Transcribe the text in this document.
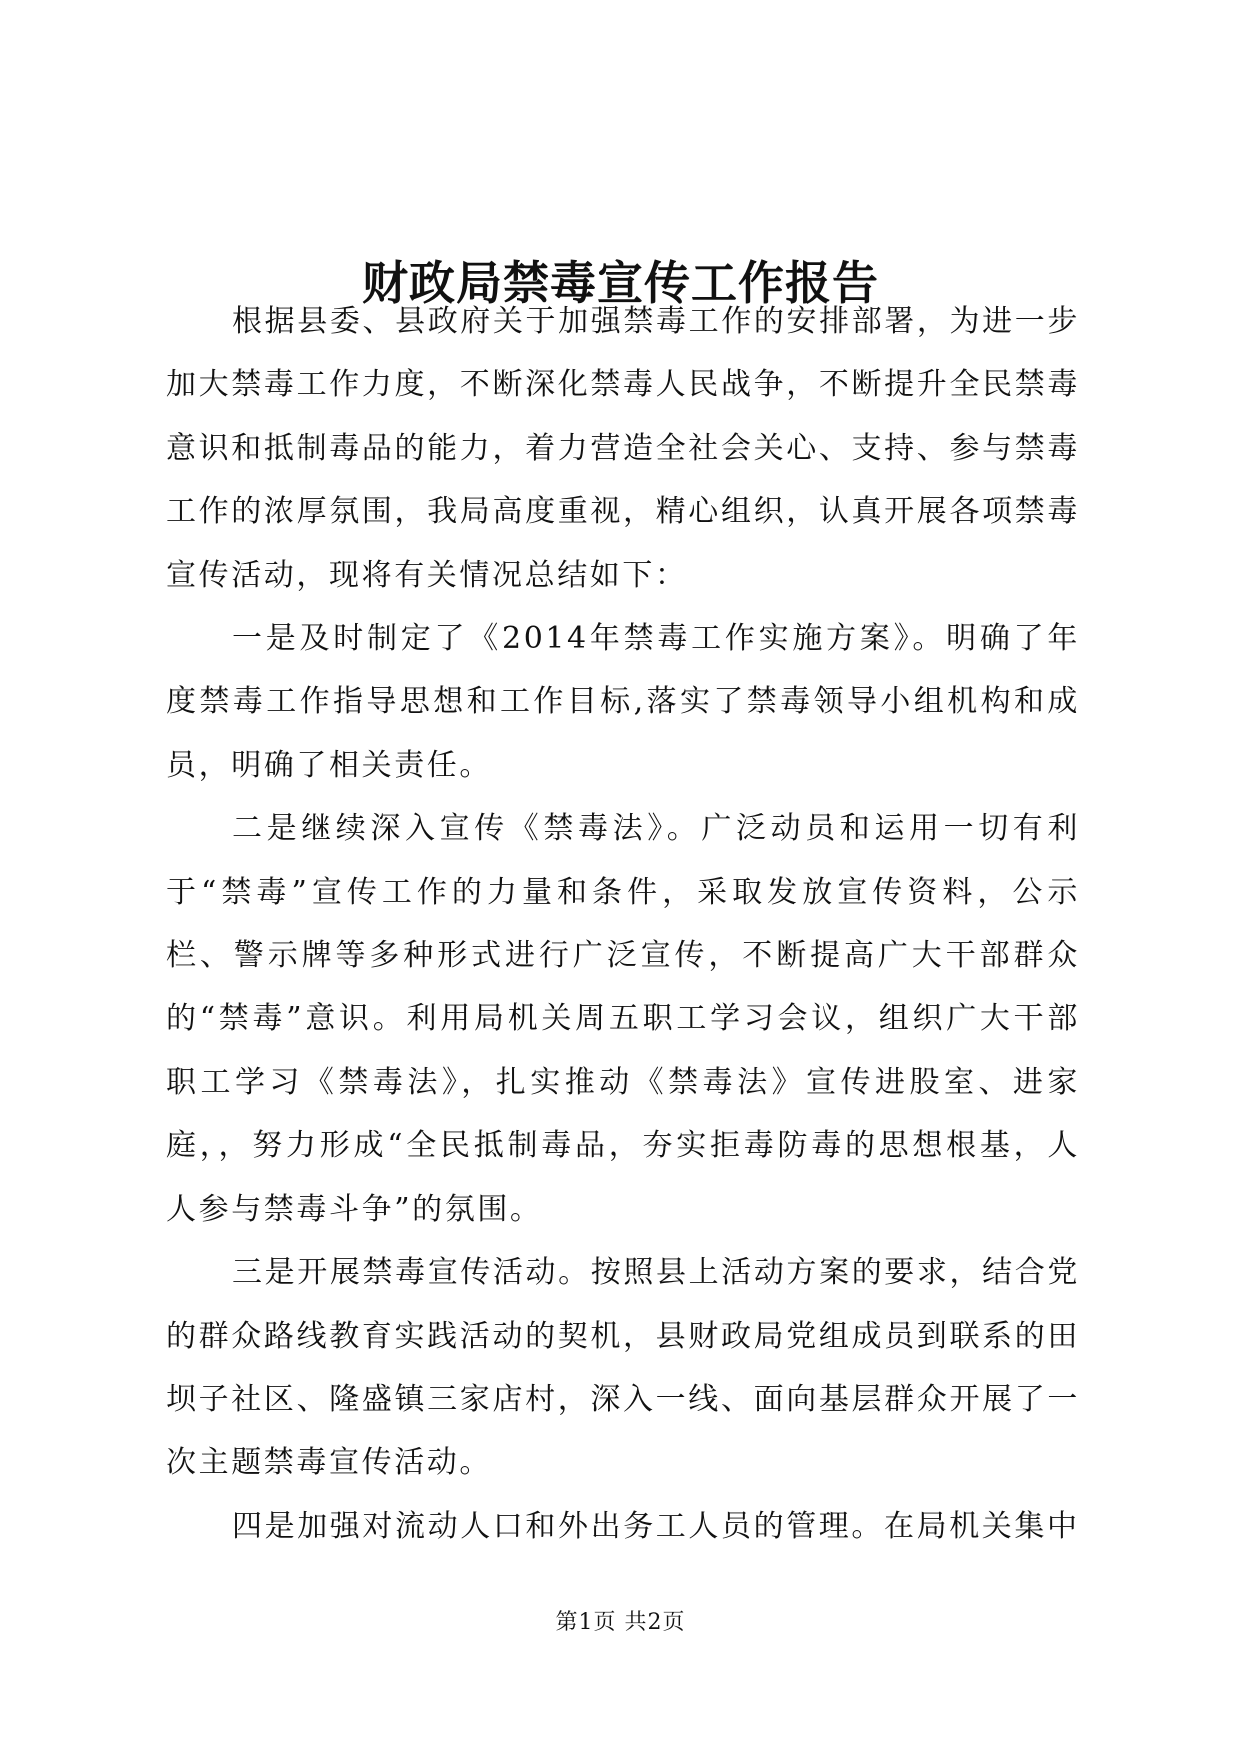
财政局禁毒宣传工作报告

根据县委、县政府关于加强禁毒工作的安排部署，为进一步加大禁毒工作力度，不断深化禁毒人民战争，不断提升全民禁毒意识和抵制毒品的能力，着力营造全社会关心、支持、参与禁毒工作的浓厚氛围，我局高度重视，精心组织，认真开展各项禁毒宣传活动，现将有关情况总结如下：

一是及时制定了《2014年禁毒工作实施方案》。明确了年度禁毒工作指导思想和工作目标,落实了禁毒领导小组机构和成员，明确了相关责任。

二是继续深入宣传《禁毒法》。广泛动员和运用一切有利于“禁毒”宣传工作的力量和条件，采取发放宣传资料，公示栏、警示牌等多种形式进行广泛宣传，不断提高广大干部群众的“禁毒”意识。利用局机关周五职工学习会议，组织广大干部职工学习《禁毒法》，扎实推动《禁毒法》宣传进股室、进家庭，，努力形成“全民抵制毒品，夯实拒毒防毒的思想根基，人人参与禁毒斗争”的氛围。

三是开展禁毒宣传活动。按照县上活动方案的要求，结合党的群众路线教育实践活动的契机，县财政局党组成员到联系的田坝子社区、隆盛镇三家店村，深入一线、面向基层群众开展了一次主题禁毒宣传活动。

四是加强对流动人口和外出务工人员的管理。在局机关集中

第1页 共2页
